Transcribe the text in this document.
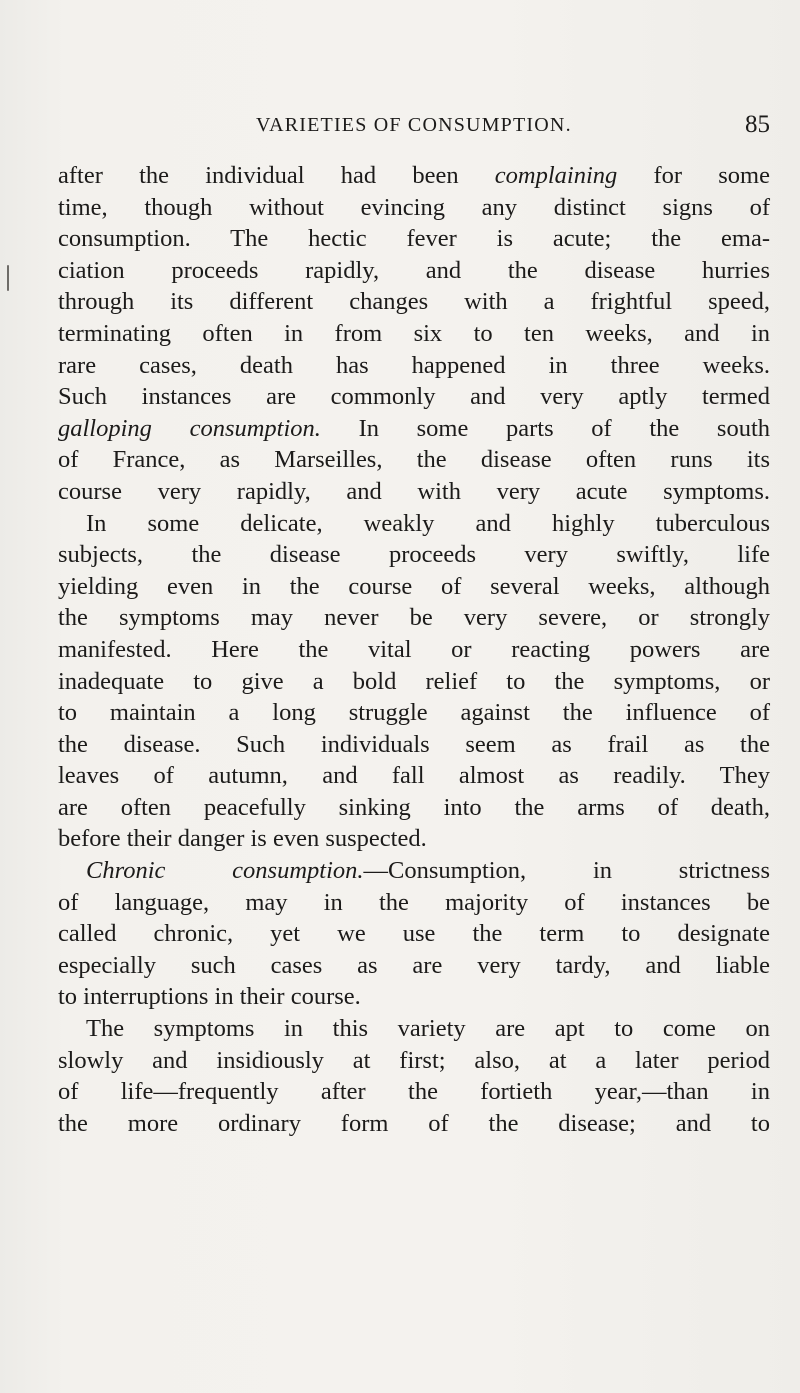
VARIETIES OF CONSUMPTION.	85
after the individual had been complaining for some
time, though without evincing any distinct signs of
consumption. The hectic fever is acute; the ema-
ciation proceeds rapidly, and the disease hurries
through its different changes with a frightful speed,
terminating often in from six to ten weeks, and in
rare cases, death has happened in three weeks.
Such instances are commonly and very aptly termed
galloping consumption. In some parts of the south
of France, as Marseilles, the disease often runs its
course very rapidly, and with very acute symptoms.
In some delicate, weakly and highly tuberculous
subjects, the disease proceeds very swiftly, life
yielding even in the course of several weeks, although
the symptoms may never be very severe, or strongly
manifested. Here the vital or reacting powers are
inadequate to give a bold relief to the symptoms, or
to maintain a long struggle against the influence of
the disease. Such individuals seem as frail as the
leaves of autumn, and fall almost as readily. They
are often peacefully sinking into the arms of death,
before their danger is even suspected.
Chronic consumption.—Consumption, in strictness
of language, may in the majority of instances be
called chronic, yet we use the term to designate
especially such cases as are very tardy, and liable
to interruptions in their course.
The symptoms in this variety are apt to come on
slowly and insidiously at first; also, at a later period
of life—frequently after the fortieth year,—than in
the more ordinary form of the disease; and to
